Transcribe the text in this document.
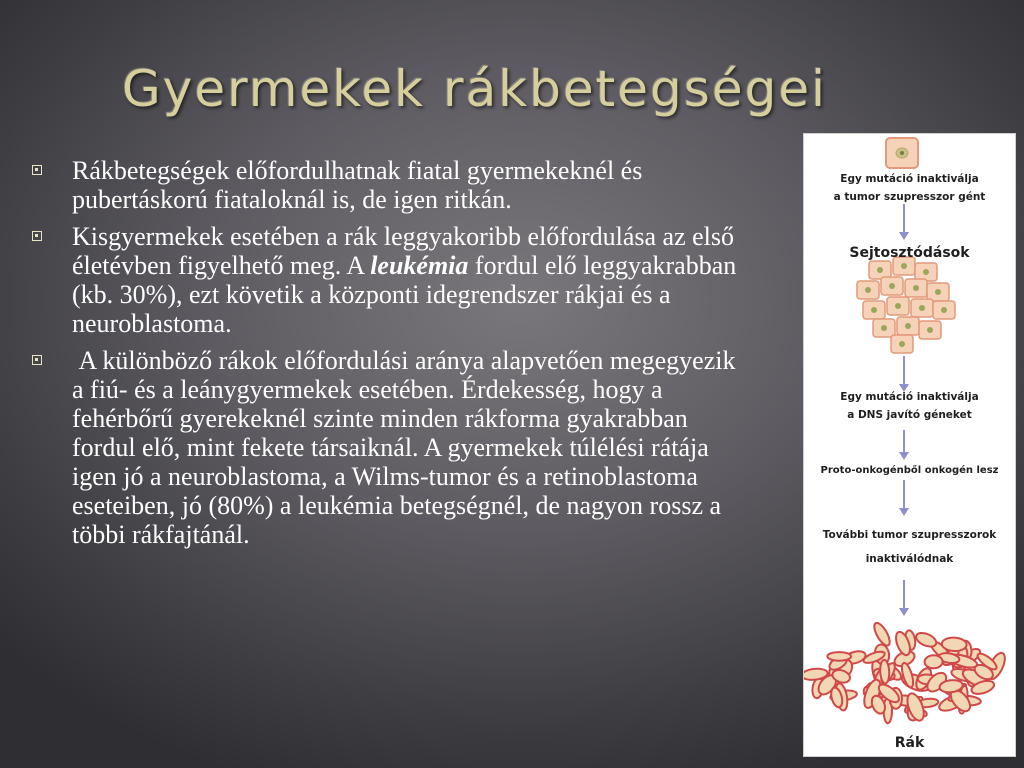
Gyermekek rákbetegségei
Rákbetegségek előfordulhatnak fiatal gyermekeknél és pubertáskorú fiataloknál is, de igen ritkán.
Kisgyermekek esetében a rák leggyakoribb előfordulása az első életévben figyelhető meg. A leukémia fordul elő leggyakrabban (kb. 30%), ezt követik a központi idegrendszer rákjai és a neuroblastoma.
A különböző rákok előfordulási aránya alapvetően megegyezik a fiú- és a leánygyermekek esetében. Érdekesség, hogy a fehérbőrű gyerekeknél szinte minden rákforma gyakrabban fordul elő, mint fekete társaiknál. A gyermekek túlélési rátája igen jó a neuroblastoma, a Wilms-tumor és a retinoblastoma eseteiben, jó (80%) a leukémia betegségnél, de nagyon rossz a többi rákfajtánál.
Egy mutáció inaktiválja
a tumor szupresszor gént
Sejtosztódások
Egy mutáció inaktiválja
a DNS javító géneket
Proto-onkogénből onkogén lesz
További tumor szupresszorok
inaktiválódnak
Rák
